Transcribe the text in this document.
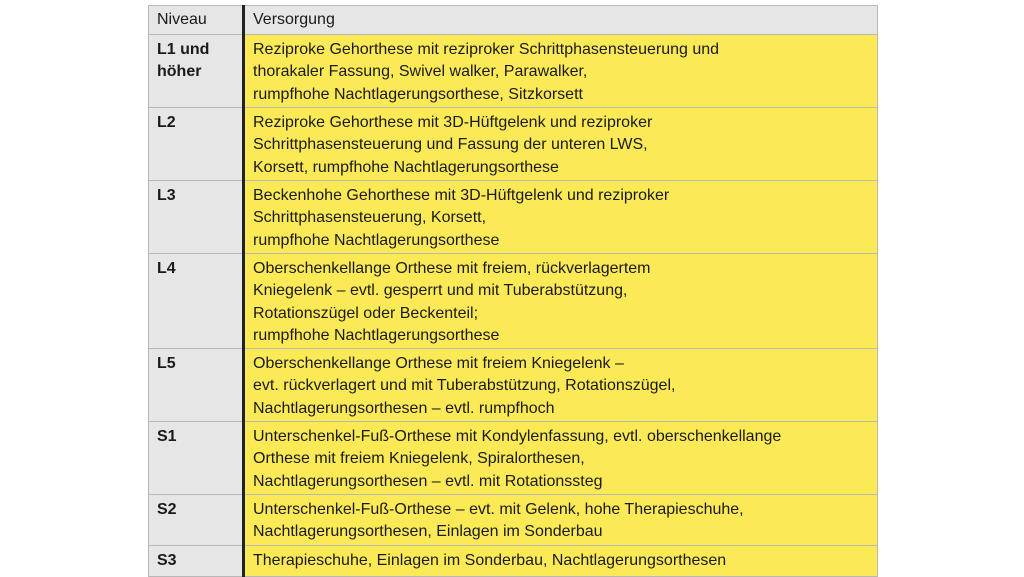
Niveau	Versorgung

L1 und
höher	Reziproke Gehorthese mit reziproker Schrittphasensteuerung und
thorakaler Fassung, Swivel walker, Parawalker,
rumpfhohe Nachtlagerungsorthese, Sitzkorsett

L2	Reziproke Gehorthese mit 3D-Hüftgelenk und reziproker
Schrittphasensteuerung und Fassung der unteren LWS,
Korsett, rumpfhohe Nachtlagerungsorthese

L3	Beckenhohe Gehorthese mit 3D-Hüftgelenk und reziproker
Schrittphasensteuerung, Korsett,
rumpfhohe Nachtlagerungsorthese

L4	Oberschenkellange Orthese mit freiem, rückverlagertem
Kniegelenk – evtl. gesperrt und mit Tuberabstützung,
Rotationszügel oder Beckenteil;
rumpfhohe Nachtlagerungsorthese

L5	Oberschenkellange Orthese mit freiem Kniegelenk –
evt. rückverlagert und mit Tuberabstützung, Rotationszügel,
Nachtlagerungsorthesen – evtl. rumpfhoch

S1	Unterschenkel-Fuß-Orthese mit Kondylenfassung, evtl. oberschenkellange
Orthese mit freiem Kniegelenk, Spiralorthesen,
Nachtlagerungsorthesen – evtl. mit Rotationssteg

S2	Unterschenkel-Fuß-Orthese – evt. mit Gelenk, hohe Therapieschuhe,
Nachtlagerungsorthesen, Einlagen im Sonderbau

S3	Therapieschuhe, Einlagen im Sonderbau, Nachtlagerungsorthesen
